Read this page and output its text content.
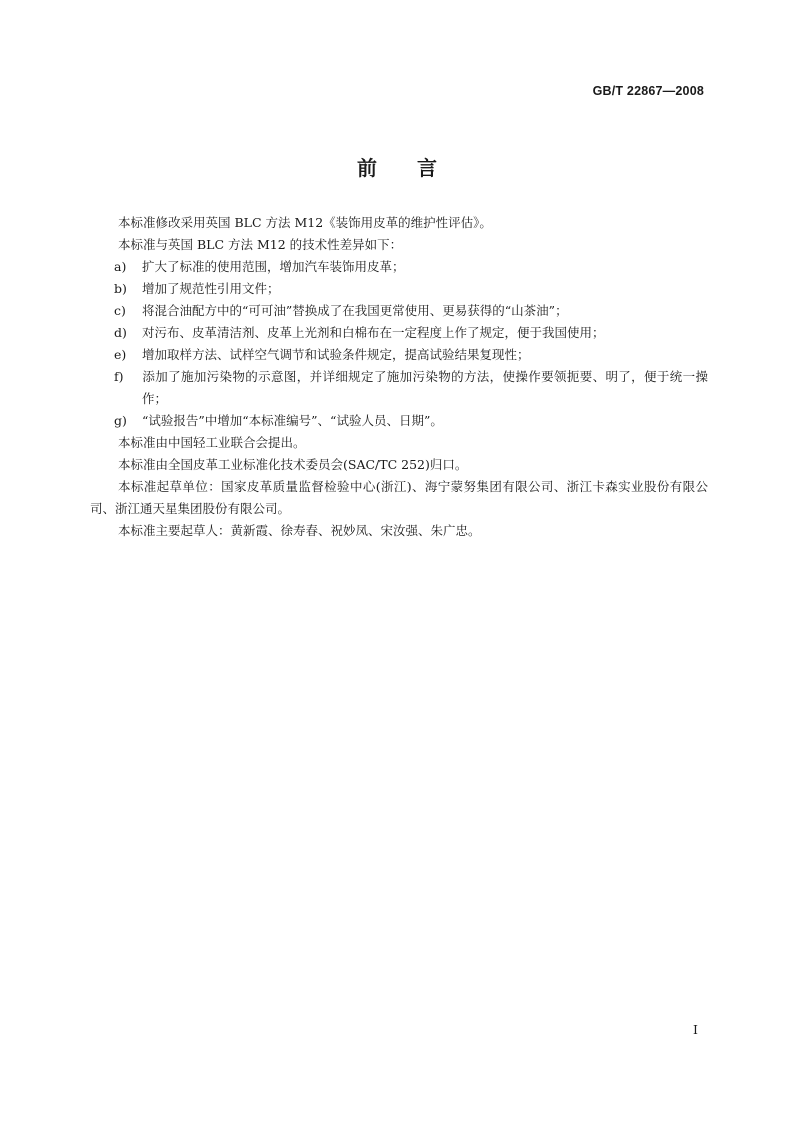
GB/T 22867—2008
前言

本标准修改采用英国 BLC 方法 M12《装饰用皮革的维护性评估》。

本标准与英国 BLC 方法 M12 的技术性差异如下：

a) 扩大了标准的使用范围，增加汽车装饰用皮革；

b) 增加了规范性引用文件；

c) 将混合油配方中的“可可油”替换成了在我国更常使用、更易获得的“山茶油”；

d) 对污布、皮革清洁剂、皮革上光剂和白棉布在一定程度上作了规定，便于我国使用；

e) 增加取样方法、试样空气调节和试验条件规定，提高试验结果复现性；

f) 添加了施加污染物的示意图，并详细规定了施加污染物的方法，使操作要领扼要、明了，便于统一操作；

g) “试验报告”中增加“本标准编号”、“试验人员、日期”。

本标准由中国轻工业联合会提出。

本标准由全国皮革工业标准化技术委员会(SAC/TC 252)归口。

本标准起草单位：国家皮革质量监督检验中心(浙江)、海宁蒙努集团有限公司、浙江卡森实业股份有限公司、浙江通天星集团股份有限公司。

本标准主要起草人：黄新霞、徐寿春、祝妙凤、宋汝强、朱广忠。

I
